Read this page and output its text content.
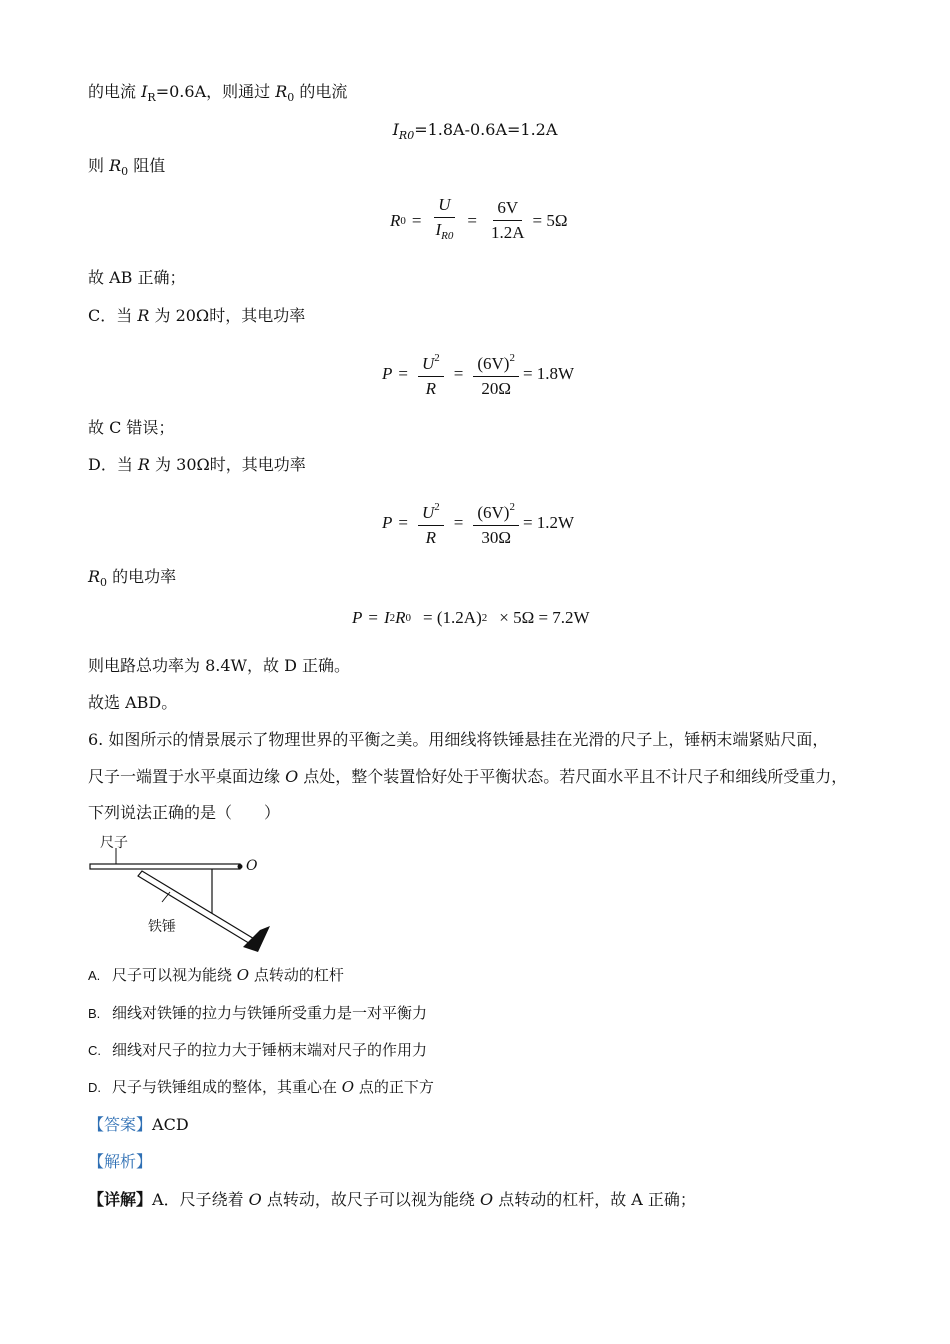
的电流 $I_R=0.6A$，则通过 $R_0$ 的电流
$I_{R0}=1.8A-0.6A=1.2A$
则 $R_0$ 阻值
R $0 = \frac{U}{I_{R0}} = \frac{6V}{1.2A} = 5\Omega$
故 AB 正确；
C．当 R 为 20Ω时，其电功率
$P = \frac{U^2}{R} = \frac{(6V)^2}{20\Omega} = 1.8W$
故 C 错误；
D．当 R 为 30Ω时，其电功率
$P = \frac{U^2}{R} = \frac{(6V)^2}{30\Omega} = 1.2W$
$R_0$ 的电功率
P = I 2 R 0 = (1.2A) 2 × 5Ω = 7.2W
则电路总功率为 8.4W，故 D 正确。
故选 ABD。
6. 如图所示的情景展示了物理世界的平衡之美。用细线将铁锤悬挂在光滑的尺子上，锤柄末端紧贴尺面，
尺子一端置于水平桌面边缘 O 点处，整个装置恰好处于平衡状态。若尺面水平且不计尺子和细线所受重力，
下列说法正确的是（　　）
尺子
O
铁锤
A. 尺子可以视为能绕 O 点转动的杠杆
B. 细线对铁锤的拉力与铁锤所受重力是一对平衡力
C. 细线对尺子的拉力大于锤柄末端对尺子的作用力
D. 尺子与铁锤组成的整体，其重心在 O 点的正下方
【答案】ACD
【解析】
【详解】A．尺子绕着 O 点转动，故尺子可以视为能绕 O 点转动的杠杆，故 A 正确；
